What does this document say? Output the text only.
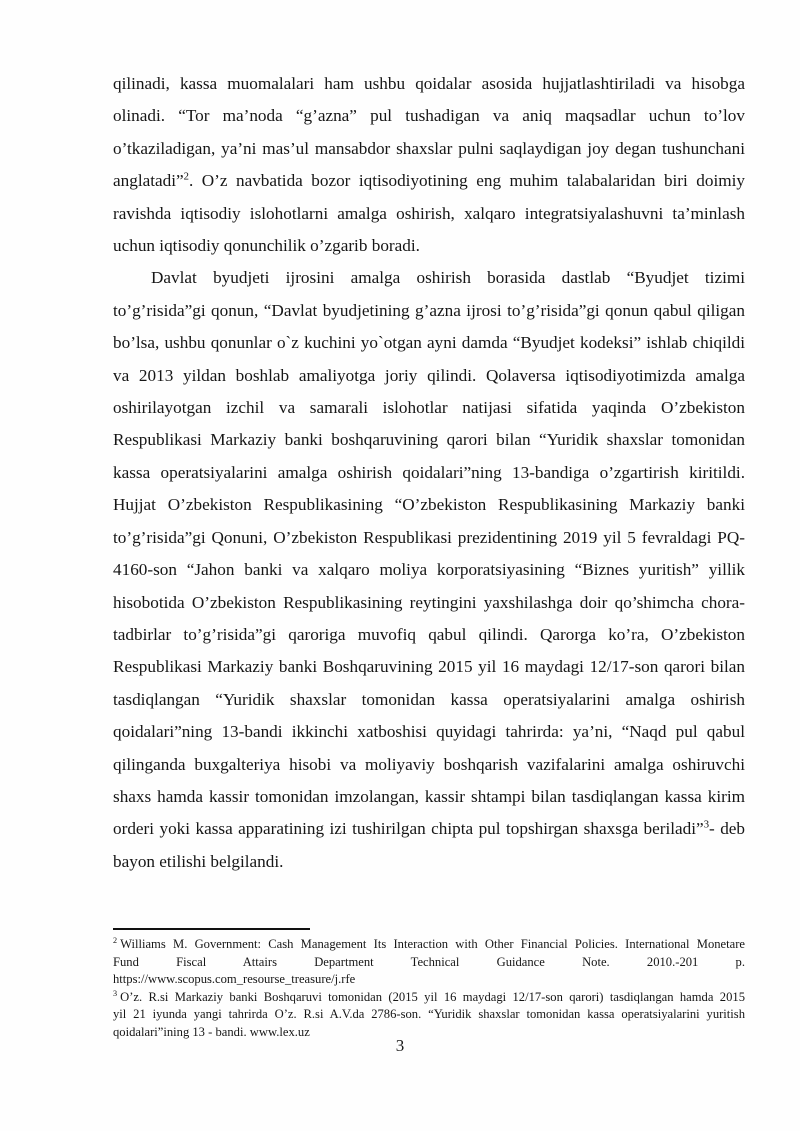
qilinadi, kassa muomalalari ham ushbu qoidalar asosida hujjatlashtiriladi va hisobga olinadi. “Tor ma’noda “g’azna” pul tushadigan va aniq maqsadlar uchun to’lov o’tkaziladigan, ya’ni mas’ul mansabdor shaxslar pulni saqlaydigan joy degan tushunchani anglatadi”$^2$. O’z navbatida bozor iqtisodiyotining eng muhim talabalaridan biri doimiy ravishda iqtisodiy islohotlarni amalga oshirish, xalqaro integratsiyalashuvni ta’minlash uchun iqtisodiy qonunchilik o’zgarib boradi.

Davlat byudjeti ijrosini amalga oshirish borasida dastlab “Byudjet tizimi to’g’risida”gi qonun, “Davlat byudjetining g’azna ijrosi to’g’risida”gi qonun qabul qiligan bo’lsa, ushbu qonunlar o`z kuchini yo`otgan ayni damda “Byudjet kodeksi” ishlab chiqildi va 2013 yildan boshlab amaliyotga joriy qilindi. Qolaversa iqtisodiyotimizda amalga oshirilayotgan izchil va samarali islohotlar natijasi sifatida yaqinda O’zbekiston Respublikasi Markaziy banki boshqaruvining qarori bilan “Yuridik shaxslar tomonidan kassa operatsiyalarini amalga oshirish qoidalari”ning 13-bandiga o’zgartirish kiritildi. Hujjat O’zbekiston Respublikasining “O’zbekiston Respublikasining Markaziy banki to’g’risida”gi Qonuni, O’zbekiston Respublikasi prezidentining 2019 yil 5 fevraldagi PQ-4160-son “Jahon banki va xalqaro moliya korporatsiyasining “Biznes yuritish” yillik hisobotida O’zbekiston Respublikasining reytingini yaxshilashga doir qo’shimcha chora-tadbirlar to’g’risida”gi qaroriga muvofiq qabul qilindi. Qarorga ko’ra, O’zbekiston Respublikasi Markaziy banki Boshqaruvining 2015 yil 16 maydagi 12/17-son qarori bilan tasdiqlangan “Yuridik shaxslar tomonidan kassa operatsiyalarini amalga oshirish qoidalari”ning 13-bandi ikkinchi xatboshisi quyidagi tahrirda: ya’ni, “Naqd pul qabul qilinganda buxgalteriya hisobi va moliyaviy boshqarish vazifalarini amalga oshiruvchi shaxs hamda kassir tomonidan imzolangan, kassir shtampi bilan tasdiqlangan kassa kirim orderi yoki kassa apparatining izi tushirilgan chipta pul topshirgan shaxsga beriladi”$^3$- deb bayon etilishi belgilandi.

$^2$ Williams M. Government: Cash Management Its Interaction with Other Financial Policies. International Monetare
Fund Fiscal Attairs Department Technical Guidance Note. 2010.-201 p.
https://www.scopus.com_resourse_treasure/j.rfe
$^3$ O’z. R.si Markaziy banki Boshqaruvi tomonidan (2015 yil 16 maydagi 12/17-son qarori) tasdiqlangan hamda 2015
yil 21 iyunda yangi tahrirda O’z. R.si A.V.da 2786-son. “Yuridik shaxslar tomonidan kassa operatsiyalarini yuritish
qoidalari”ining 13 - bandi. www.lex.uz
3
